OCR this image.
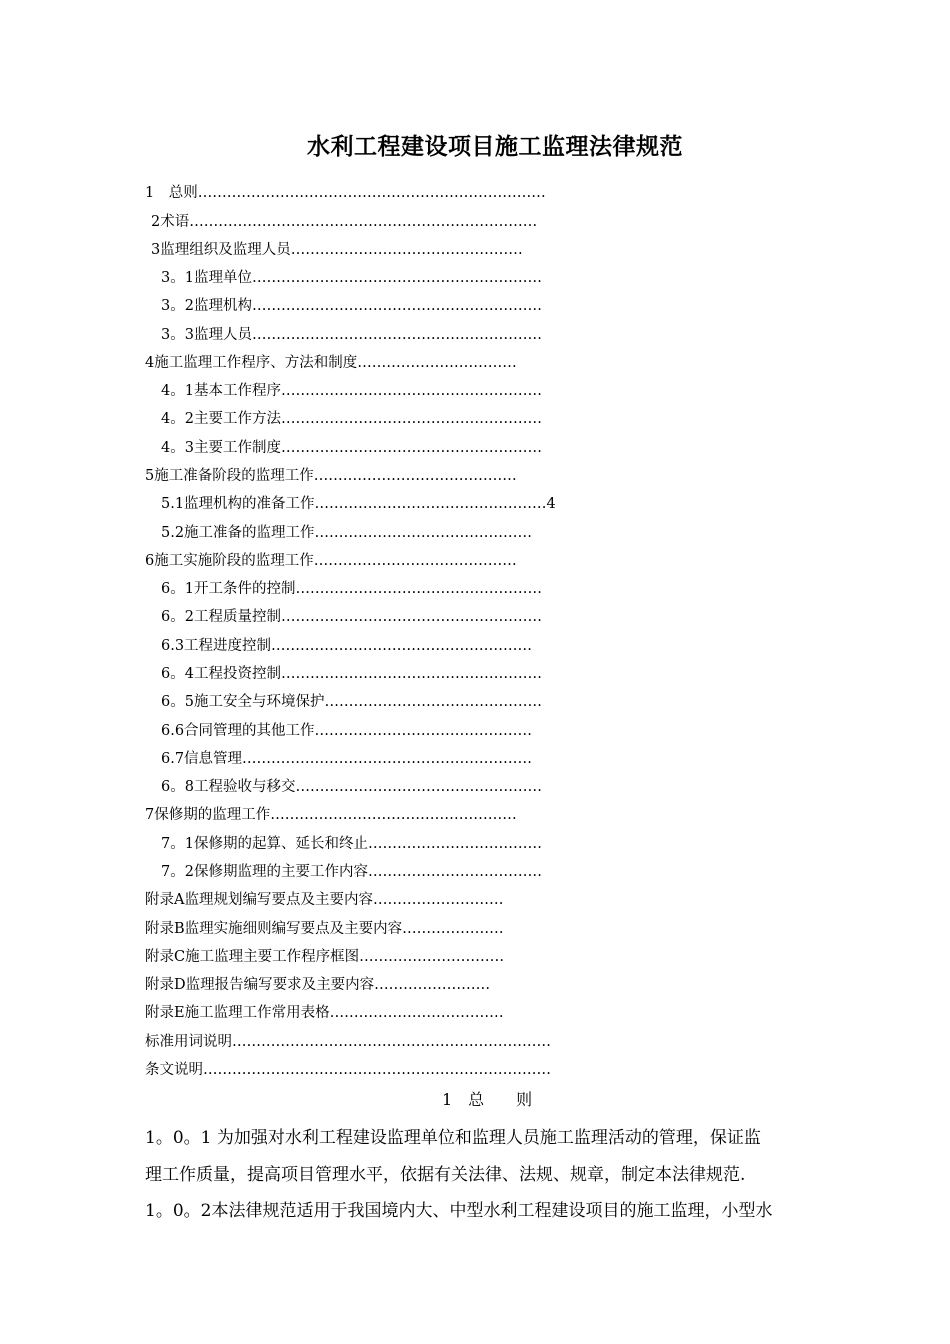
水利工程建设项目施工监理法律规范
1　总则………………………………………………………………
2术语………………………………………………………………
3监理组织及监理人员…………………………………………
3。1监理单位……………………………………………………
3。2监理机构……………………………………………………
3。3监理人员……………………………………………………
4施工监理工作程序、方法和制度……………………………
4。1基本工作程序………………………………………………
4。2主要工作方法………………………………………………
4。3主要工作制度………………………………………………
5施工准备阶段的监理工作……………………………………
5.1监理机构的准备工作…………………………………………4
5.2施工准备的监理工作………………………………………
6施工实施阶段的监理工作……………………………………
6。1开工条件的控制……………………………………………
6。2工程质量控制………………………………………………
6.3工程进度控制………………………………………………
6。4工程投资控制………………………………………………
6。5施工安全与环境保护………………………………………
6.6合同管理的其他工作………………………………………
6.7信息管理……………………………………………………
6。8工程验收与移交……………………………………………
7保修期的监理工作……………………………………………
7。1保修期的起算、延长和终止………………………………
7。2保修期监理的主要工作内容………………………………
附录A监理规划编写要点及主要内容………………………
附录B监理实施细则编写要点及主要内容…………………
附录C施工监理主要工作程序框图…………………………
附录D监理报告编写要求及主要内容……………………
附录E施工监理工作常用表格………………………………
标准用词说明…………………………………………………………
条文说明………………………………………………………………
1　总　　则
1。0。1 为加强对水利工程建设监理单位和监理人员施工监理活动的管理，保证监
理工作质量，提高项目管理水平，依据有关法律、法规、规章，制定本法律规范.
1。0。2本法律规范适用于我国境内大、中型水利工程建设项目的施工监理，小型水
